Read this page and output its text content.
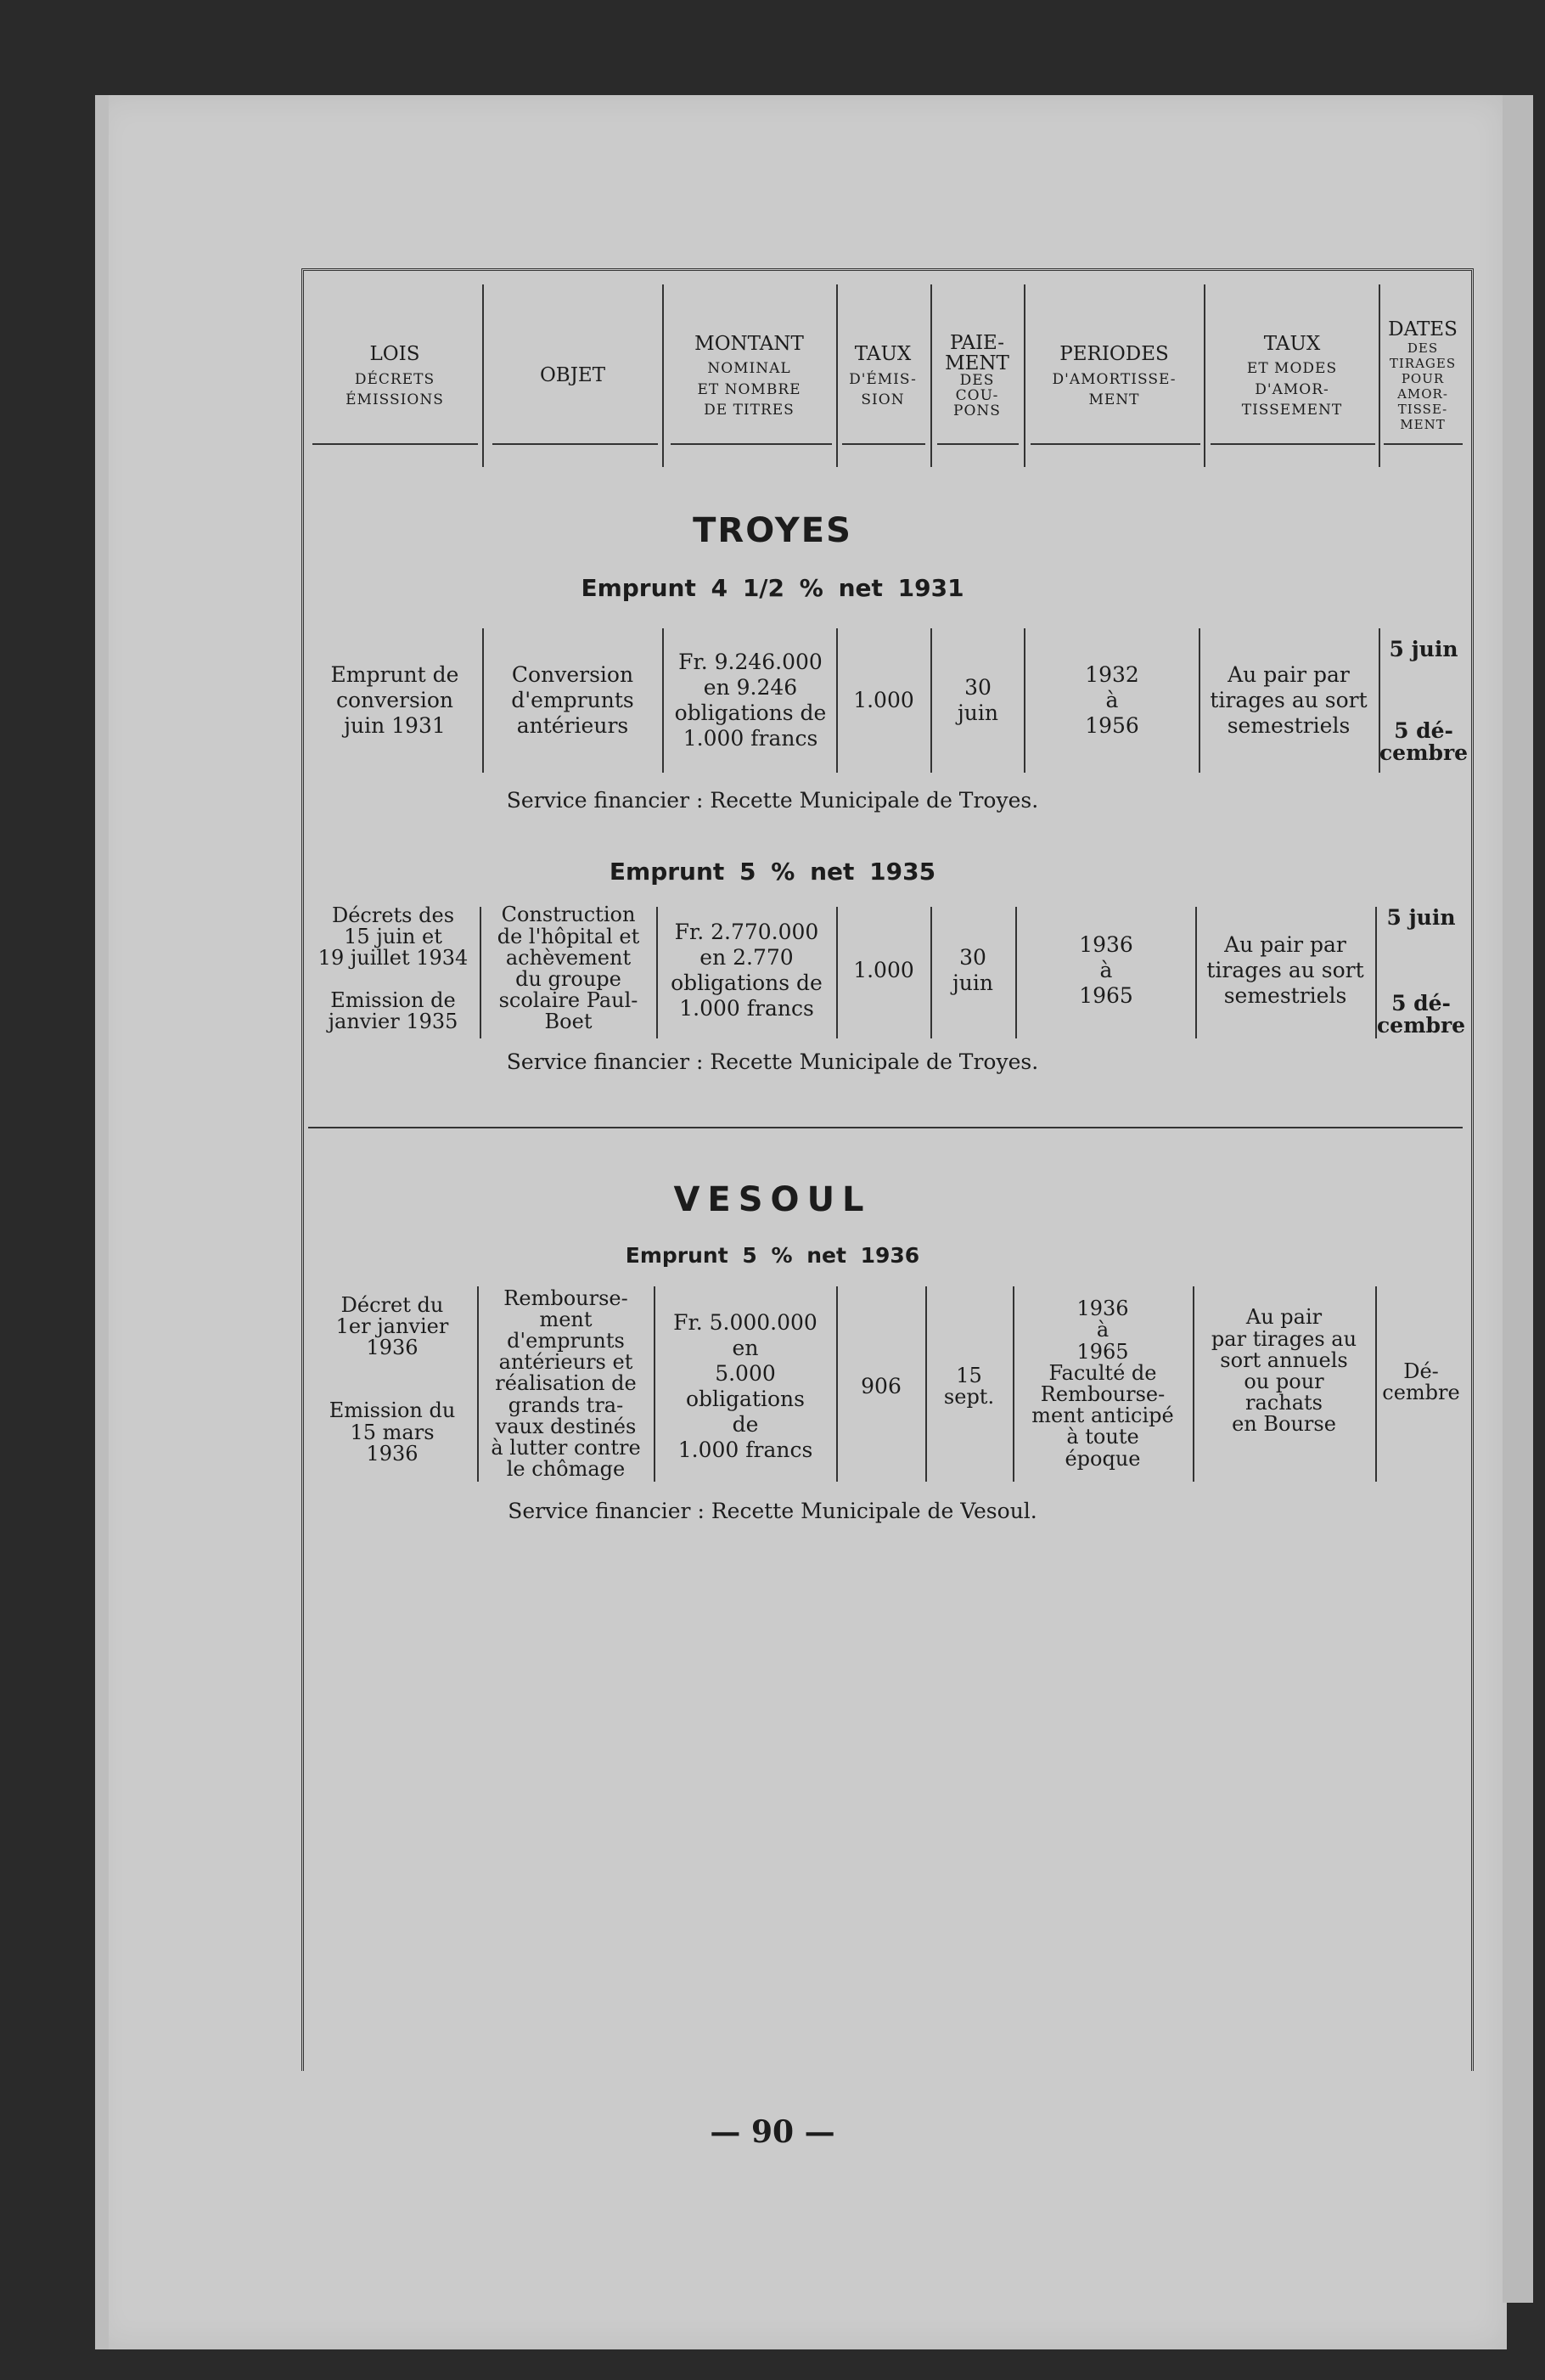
LOIS
DÉCRETS
ÉMISSIONS
OBJET
MONTANT
NOMINAL
ET NOMBRE
DE TITRES
TAUX
D'ÉMIS-
SION
PAIE-
MENT
DES
COU-
PONS
PERIODES
D'AMORTISSE-
MENT
TAUX
ET MODES
D'AMOR-
TISSEMENT
DATES
DES
TIRAGES
POUR
AMOR-
TISSE-
MENT
TROYES
Emprunt 4 1/2 % net 1931
Emprunt de
conversion
juin 1931
Conversion
d'emprunts
antérieurs
Fr. 9.246.000
en 9.246
obligations de
1.000 francs
1.000
30
juin
1932
à
1956
Au pair par
tirages au sort
semestriels
5 juin
5 dé-
cembre
Service financier : Recette Municipale de Troyes.
Emprunt 5 % net 1935
Décrets des
15 juin et
19 juillet 1934
Emission de
janvier 1935
Construction
de l'hôpital et
achèvement
du groupe
scolaire Paul-
Boet
Fr. 2.770.000
en 2.770
obligations de
1.000 francs
1.000
30
juin
1936
à
1965
Au pair par
tirages au sort
semestriels
5 juin
5 dé-
cembre
Service financier : Recette Municipale de Troyes.
VESOUL
Emprunt 5 % net 1936
Décret du
1er janvier
1936
Emission du
15 mars
1936
Rembourse-
ment
d'emprunts
antérieurs et
réalisation de
grands tra-
vaux destinés
à lutter contre
le chômage
Fr. 5.000.000
en
5.000
obligations
de
1.000 francs
906	15
sept.
1936
à
1965
Faculté de
Rembourse-
ment anticipé
à toute
époque
Au pair
par tirages au
sort annuels
ou pour
rachats
en Bourse
Dé-
cembre
Service financier : Recette Municipale de Vesoul.
— 90 —
